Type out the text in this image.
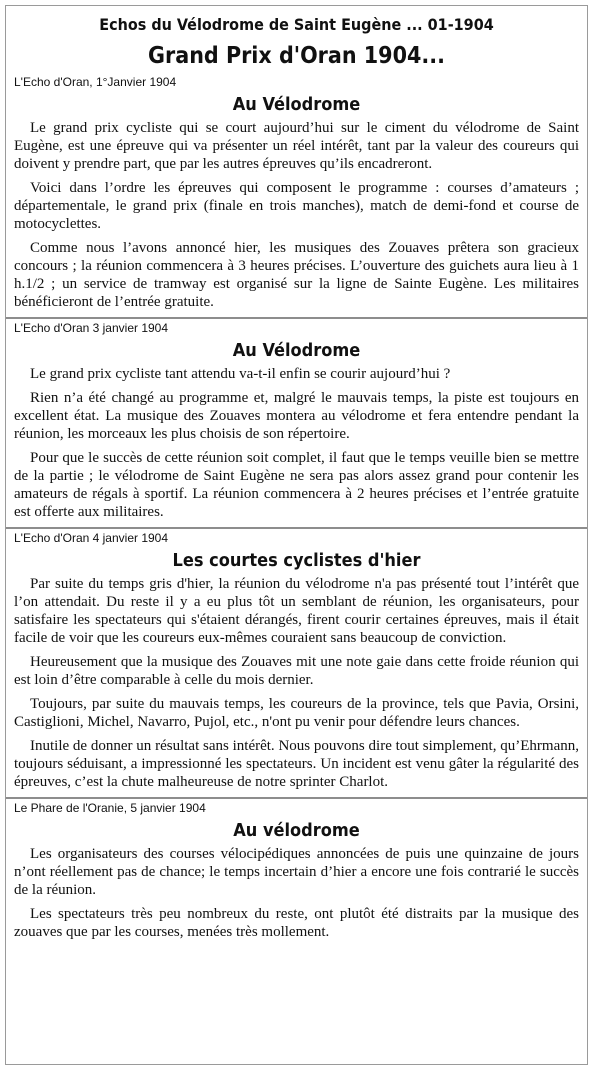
Echos du Vélodrome de Saint Eugène ... 01-1904
Grand Prix d'Oran 1904...
L'Echo d'Oran, 1°Janvier 1904
Au Vélodrome

Le grand prix cycliste qui se court aujourd’hui sur le ciment du vélodrome de Saint Eugène, est une épreuve qui va présenter un réel intérêt, tant par la valeur des coureurs qui doivent y prendre part, que par les autres épreuves qu’ils encadreront.

Voici dans l’ordre les épreuves qui composent le programme : courses d’amateurs ; départementale, le grand prix (finale en trois manches), match de demi-fond et course de motocyclettes.

Comme nous l’avons annoncé hier, les musiques des Zouaves prêtera son gracieux concours ; la réunion commencera à 3 heures précises. L’ouverture des guichets aura lieu à 1 h.1/2 ; un service de tramway est organisé sur la ligne de Sainte Eugène. Les militaires bénéficieront de l’entrée gratuite.

L'Echo d'Oran 3 janvier 1904
Au Vélodrome

Le grand prix cycliste tant attendu va-t-il enfin se courir aujourd’hui ?

Rien n’a été changé au programme et, malgré le mauvais temps, la piste est toujours en excellent état. La musique des Zouaves montera au vélodrome et fera entendre pendant la réunion, les morceaux les plus choisis de son répertoire.

Pour que le succès de cette réunion soit complet, il faut que le temps veuille bien se mettre de la partie ; le vélodrome de Saint Eugène ne sera pas alors assez grand pour contenir les amateurs de régals à sportif. La réunion commencera à 2 heures précises et l’entrée gratuite est offerte aux militaires.

L'Echo d'Oran 4 janvier 1904
Les courtes cyclistes d'hier

Par suite du temps gris d'hier, la réunion du vélodrome n'a pas présenté tout l’intérêt que l’on attendait. Du reste il y a eu plus tôt un semblant de réunion, les organisateurs, pour satisfaire les spectateurs qui s'étaient dérangés, firent courir certaines épreuves, mais il était facile de voir que les coureurs eux-mêmes couraient sans beaucoup de conviction.

Heureusement que la musique des Zouaves mit une note gaie dans cette froide réunion qui est loin d’être comparable à celle du mois dernier.

Toujours, par suite du mauvais temps, les coureurs de la province, tels que Pavia, Orsini, Castiglioni, Michel, Navarro, Pujol, etc., n'ont pu venir pour défendre leurs chances.

Inutile de donner un résultat sans intérêt. Nous pouvons dire tout simplement, qu’Ehrmann, toujours séduisant, a impressionné les spectateurs. Un incident est venu gâter la régularité des épreuves, c’est la chute malheureuse de notre sprinter Charlot.

Le Phare de l'Oranie, 5 janvier 1904
Au vélodrome

Les organisateurs des courses vélocipédiques annoncées de puis une quinzaine de jours n’ont réellement pas de chance; le temps incertain d’hier a encore une fois contrarié le succès de la réunion.

Les spectateurs très peu nombreux du reste, ont plutôt été distraits par la musique des zouaves que par les courses, menées très mollement.
